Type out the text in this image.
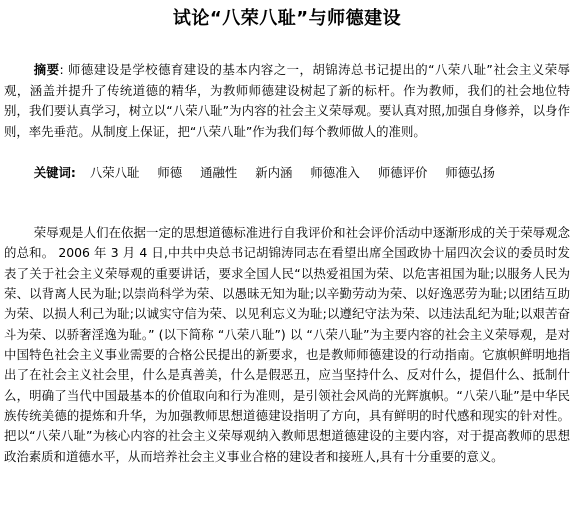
试论“八荣八耻”与师德建设
摘要: 师德建设是学校德育建设的基本内容之一，胡锦涛总书记提出的“八荣八耻”社会主义荣辱观，涵盖并提升了传统道德的精华，为教师师德建设树起了新的标杆。作为教师，我们的社会地位特别，我们要认真学习，树立以“八荣八耻”为内容的社会主义荣辱观。要认真对照,加强自身修养，以身作则，率先垂范。从制度上保证，把“八荣八耻”作为我们每个教师做人的准则。
关键词: 八荣八耻 师德 通融性 新内涵 师德准入 师德评价 师德弘扬
荣辱观是人们在依据一定的思想道德标准进行自我评价和社会评价活动中逐渐形成的关于荣辱观念的总和。 2006 年 3 月 4 日,中共中央总书记胡锦涛同志在看望出席全国政协十届四次会议的委员时发表了关于社会主义荣辱观的重要讲话，要求全国人民“以热爱祖国为荣、以危害祖国为耻;以服务人民为荣、以背离人民为耻;以崇尚科学为荣、以愚昧无知为耻;以辛勤劳动为荣、以好逸恶劳为耻;以团结互助为荣、以损人利己为耻;以诚实守信为荣、以见利忘义为耻;以遵纪守法为荣、以违法乱纪为耻;以艰苦奋斗为荣、以骄奢淫逸为耻。” (以下简称 “八荣八耻”) 以 “八荣八耻”为主要内容的社会主义荣辱观，是对中国特色社会主义事业需要的合格公民提出的新要求，也是教师师德建设的行动指南。它旗帜鲜明地指出了在社会主义社会里，什么是真善美，什么是假恶丑，应当坚持什么、反对什么，提倡什么、抵制什么，明确了当代中国最基本的价值取向和行为准则，是引领社会风尚的光辉旗帜。“八荣八耻”是中华民族传统美德的提炼和升华，为加强教师思想道德建设指明了方向，具有鲜明的时代感和现实的针对性。把以“八荣八耻”为核心内容的社会主义荣辱观纳入教师思想道德建设的主要内容，对于提高教师的思想政治素质和道德水平，从而培养社会主义事业合格的建设者和接班人,具有十分重要的意义。
